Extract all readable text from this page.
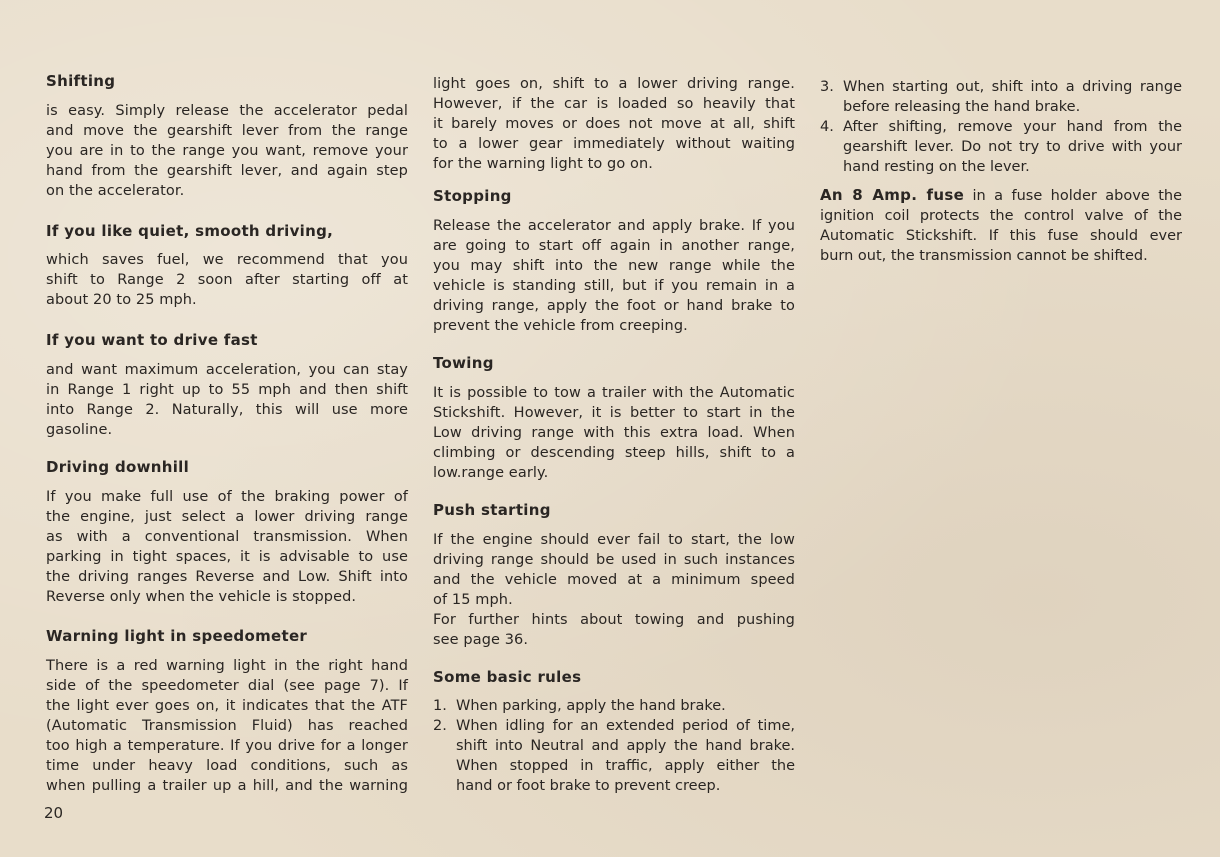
Shifting
is easy. Simply release the accelerator pedal
and move the gearshift lever from the range
you are in to the range you want, remove your
hand from the gearshift lever, and again step
on the accelerator.
If you like quiet, smooth driving,
which saves fuel, we recommend that you
shift to Range 2 soon after starting off at
about 20 to 25 mph.
If you want to drive fast
and want maximum acceleration, you can stay
in Range 1 right up to 55 mph and then shift
into Range 2. Naturally, this will use more
gasoline.
Driving downhill
If you make full use of the braking power of
the engine, just select a lower driving range
as with a conventional transmission. When
parking in tight spaces, it is advisable to use
the driving ranges Reverse and Low. Shift into
Reverse only when the vehicle is stopped.
Warning light in speedometer
There is a red warning light in the right hand
side of the speedometer dial (see page 7). If
the light ever goes on, it indicates that the ATF
(Automatic Transmission Fluid) has reached
too high a temperature. If you drive for a longer
time under heavy load conditions, such as
when pulling a trailer up a hill, and the warning
light goes on, shift to a lower driving range.
However, if the car is loaded so heavily that
it barely moves or does not move at all, shift
to a lower gear immediately without waiting
for the warning light to go on.
Stopping
Release the accelerator and apply brake. If you
are going to start off again in another range,
you may shift into the new range while the
vehicle is standing still, but if you remain in a
driving range, apply the foot or hand brake to
prevent the vehicle from creeping.
Towing
It is possible to tow a trailer with the Automatic
Stickshift. However, it is better to start in the
Low driving range with this extra load. When
climbing or descending steep hills, shift to a
low.range early.
Push starting
If the engine should ever fail to start, the low
driving range should be used in such instances
and the vehicle moved at a minimum speed
of 15 mph.
For further hints about towing and pushing
see page 36.
Some basic rules
1. When parking, apply the hand brake.
2. When idling for an extended period of time,
shift into Neutral and apply the hand brake.
When stopped in traffic, apply either the
hand or foot brake to prevent creep.
3. When starting out, shift into a driving range
before releasing the hand brake.
4. After shifting, remove your hand from the
gearshift lever. Do not try to drive with your
hand resting on the lever.
An 8 Amp. fuse in a fuse holder above the
ignition coil protects the control valve of the
Automatic Stickshift. If this fuse should ever
burn out, the transmission cannot be shifted.
20
